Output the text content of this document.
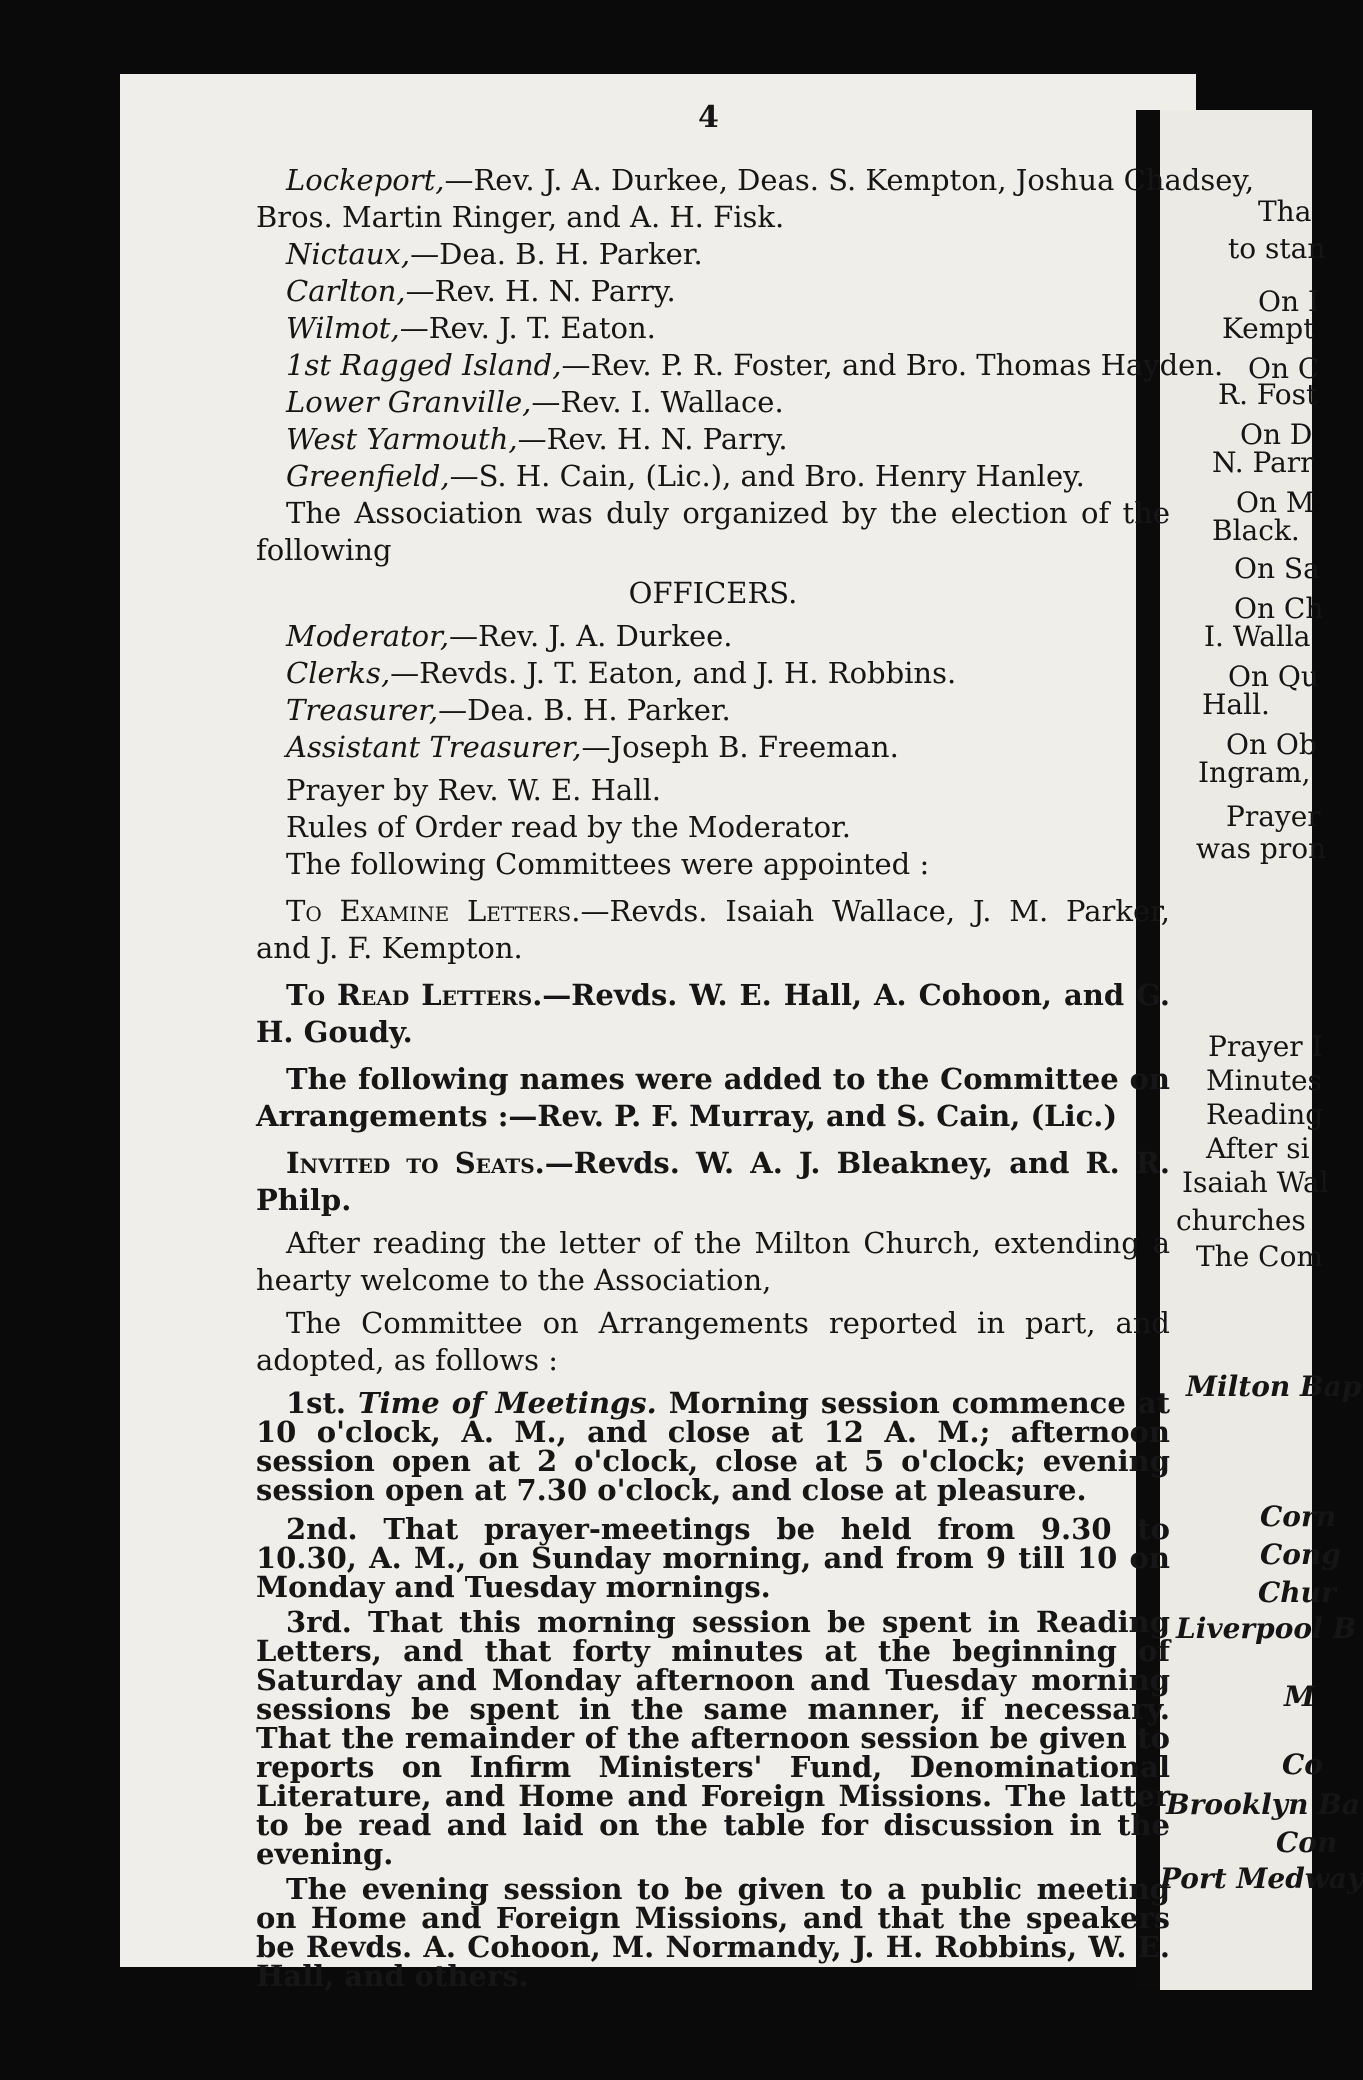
4
Lockeport,—Rev. J. A. Durkee, Deas. S. Kempton, Joshua Chadsey,
Bros. Martin Ringer, and A. H. Fisk.
Nictaux,—Dea. B. H. Parker.
Carlton,—Rev. H. N. Parry.
Wilmot,—Rev. J. T. Eaton.
1st Ragged Island,—Rev. P. R. Foster, and Bro. Thomas Hayden.
Lower Granville,—Rev. I. Wallace.
West Yarmouth,—Rev. H. N. Parry.
Greenfield,—S. H. Cain, (Lic.), and Bro. Henry Hanley.
The Association was duly organized by the election of the following
OFFICERS.
Moderator,—Rev. J. A. Durkee.
Clerks,—Revds. J. T. Eaton, and J. H. Robbins.
Treasurer,—Dea. B. H. Parker.
Assistant Treasurer,—Joseph B. Freeman.
Prayer by Rev. W. E. Hall.
Rules of Order read by the Moderator.
The following Committees were appointed :
To Examine Letters.—Revds. Isaiah Wallace, J. M. Parker, and J. F. Kempton.
To Read Letters.—Revds. W. E. Hall, A. Cohoon, and G. H. Goudy.
The following names were added to the Committee on Arrangements :—Rev. P. F. Murray, and S. Cain, (Lic.)
Invited to Seats.—Revds. W. A. J. Bleakney, and R. R. Philp.
After reading the letter of the Milton Church, extending a hearty welcome to the Association,
The Committee on Arrangements reported in part, and adopted, as follows :
1st. Time of Meetings. Morning session commence at 10 o'clock, A. M., and close at 12 A. M.; afternoon session open at 2 o'clock, close at 5 o'clock; evening session open at 7.30 o'clock, and close at pleasure.
2nd. That prayer-meetings be held from 9.30 to 10.30, A. M., on Sunday morning, and from 9 till 10 on Monday and Tuesday mornings.
3rd. That this morning session be spent in Reading Letters, and that forty minutes at the beginning of Saturday and Monday afternoon and Tuesday morning sessions be spent in the same manner, if necessary. That the remainder of the afternoon session be given to reports on Infirm Ministers' Fund, Denominational Literature, and Home and Foreign Missions. The latter to be read and laid on the table for discussion in the evening.
The evening session to be given to a public meeting on Home and Foreign Missions, and that the speakers be Revds. A. Cohoon, M. Normandy, J. H. Robbins, W. E. Hall, and others.
Tha
to stan
On I
Kempt
On C
R. Fost
On D
N. Parr
On M
Black.
On Sa
On Ch
I. Walla
On Qu
Hall.
On Ob
Ingram,
Prayer
was pron
Prayer I
Minutes
Reading
After si
Isaiah Wal
churches
The Com
Milton Bap
Corn
Cong
Chur
Liverpool B
M
Co
Brooklyn Ba
Con
Port Medway
